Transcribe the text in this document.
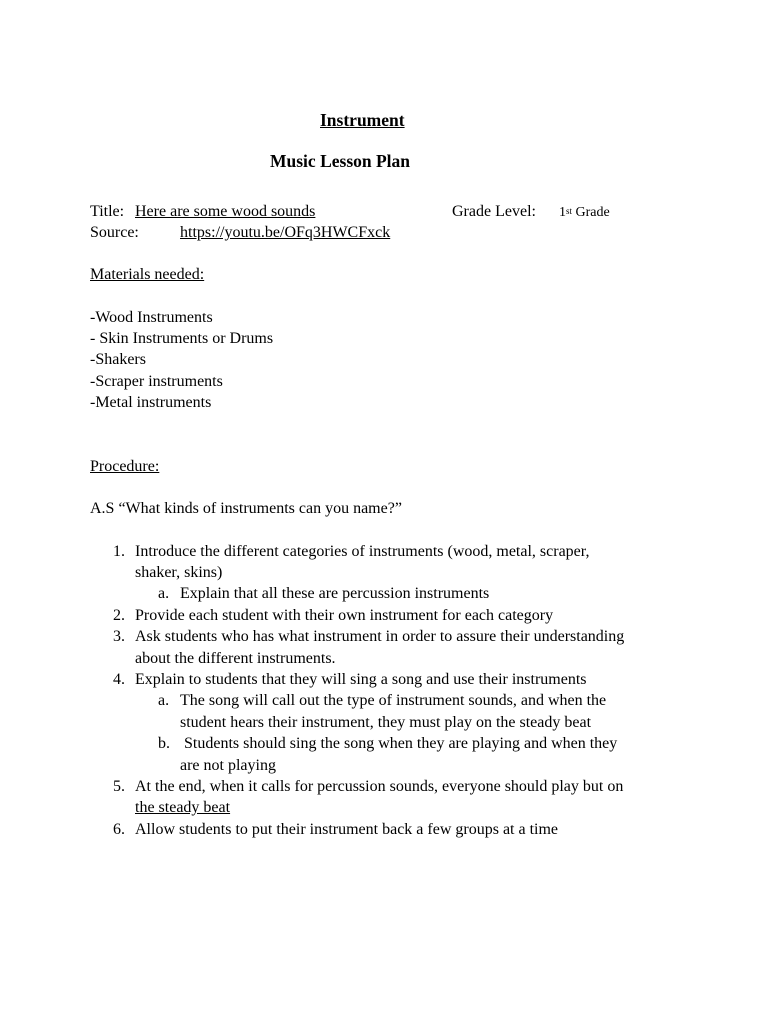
Instrument
Music Lesson Plan
Title: Here are some wood sounds	Grade Level: 1st Grade
Source:	https://youtu.be/OFq3HWCFxck
Materials needed:
-Wood Instruments
- Skin Instruments or Drums
-Shakers
-Scraper instruments
-Metal instruments
Procedure:
A.S “What kinds of instruments can you name?”
1. Introduce the different categories of instruments (wood, metal, scraper,
shaker, skins)
a. Explain that all these are percussion instruments
2. Provide each student with their own instrument for each category
3. Ask students who has what instrument in order to assure their understanding
about the different instruments.
4. Explain to students that they will sing a song and use their instruments
a. The song will call out the type of instrument sounds, and when the
student hears their instrument, they must play on the steady beat
b. Students should sing the song when they are playing and when they
are not playing
5. At the end, when it calls for percussion sounds, everyone should play but on
the steady beat
6. Allow students to put their instrument back a few groups at a time
